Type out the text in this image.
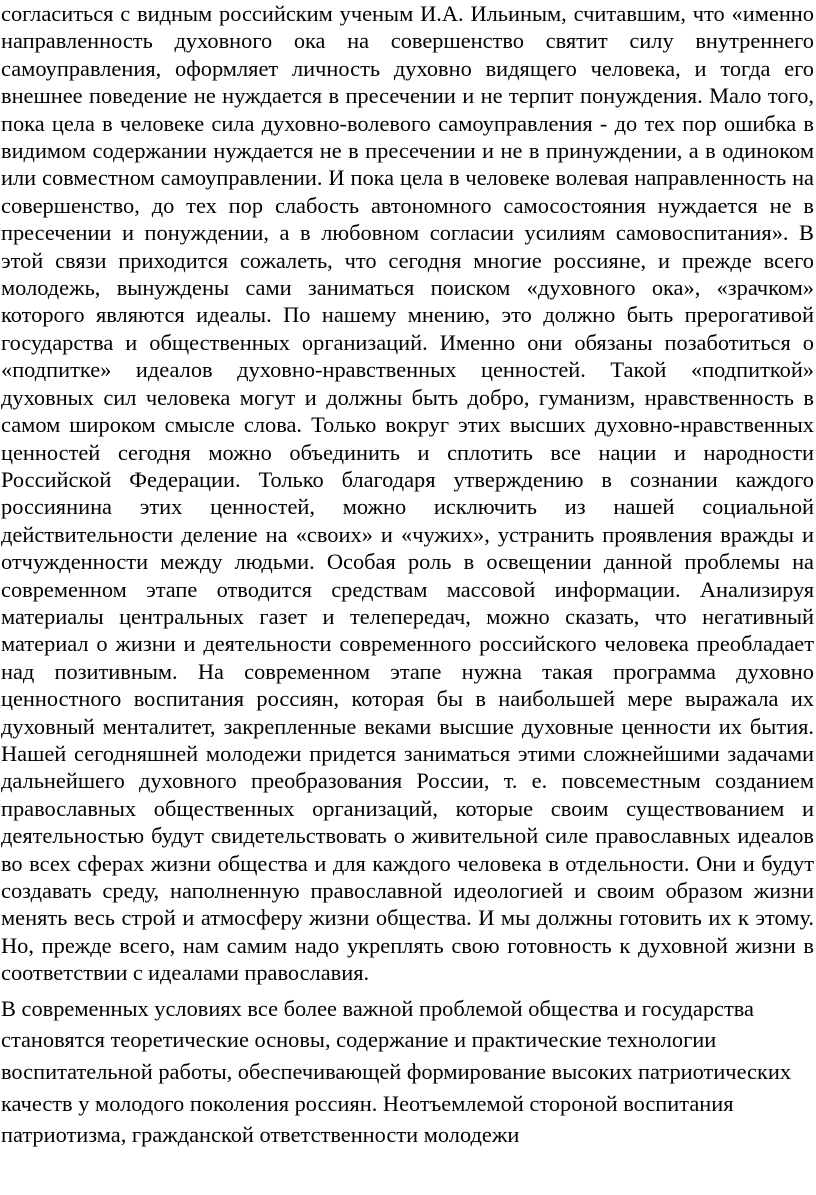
согласиться с видным российским ученым И.А. Ильиным, считавшим, что «именно направленность духовного ока на совершенство святит силу внутреннего самоуправления, оформляет личность духовно видящего человека, и тогда его внешнее поведение не нуждается в пресечении и не терпит понуждения. Мало того, пока цела в человеке сила духовно-волевого самоуправления - до тех пор ошибка в видимом содержании нуждается не в пресечении и не в принуждении, а в одиноком или совместном самоуправлении. И пока цела в человеке волевая направленность на совершенство, до тех пор слабость автономного самосостояния нуждается не в пресечении и понуждении, а в любовном согласии усилиям самовоспитания». В этой связи приходится сожалеть, что сегодня многие россияне, и прежде всего молодежь, вынуждены сами заниматься поиском «духовного ока», «зрачком» которого являются идеалы. По нашему мнению, это должно быть прерогативой государства и общественных организаций. Именно они обязаны позаботиться о «подпитке» идеалов духовно-нравственных ценностей. Такой «подпиткой» духовных сил человека могут и должны быть добро, гуманизм, нравственность в самом широком смысле слова. Только вокруг этих высших духовно-нравственных ценностей сегодня можно объединить и сплотить все нации и народности Российской Федерации. Только благодаря утверждению в сознании каждого россиянина этих ценностей, можно исключить из нашей социальной действительности деление на «своих» и «чужих», устранить проявления вражды и отчужденности между людьми. Особая роль в освещении данной проблемы на современном этапе отводится средствам массовой информации. Анализируя материалы центральных газет и телепередач, можно сказать, что негативный материал о жизни и деятельности современного российского человека преобладает над позитивным. На современном этапе нужна такая программа духовно ценностного воспитания россиян, которая бы в наибольшей мере выражала их духовный менталитет, закрепленные веками высшие духовные ценности их бытия. Нашей сегодняшней молодежи придется заниматься этими сложнейшими задачами дальнейшего духовного преобразования России, т. е. повсеместным созданием православных общественных организаций, которые своим существованием и деятельностью будут свидетельствовать о живительной силе православных идеалов во всех сферах жизни общества и для каждого человека в отдельности. Они и будут создавать среду, наполненную православной идеологией и своим образом жизни менять весь строй и атмосферу жизни общества. И мы должны готовить их к этому. Но, прежде всего, нам самим надо укреплять свою готовность к духовной жизни в соответствии с идеалами православия.

В современных условиях все более важной проблемой общества и государства становятся теоретические основы, содержание и практические технологии воспитательной работы, обеспечивающей формирование высоких патриотических качеств у молодого поколения россиян. Неотъемлемой стороной воспитания патриотизма, гражданской ответственности молодежи
